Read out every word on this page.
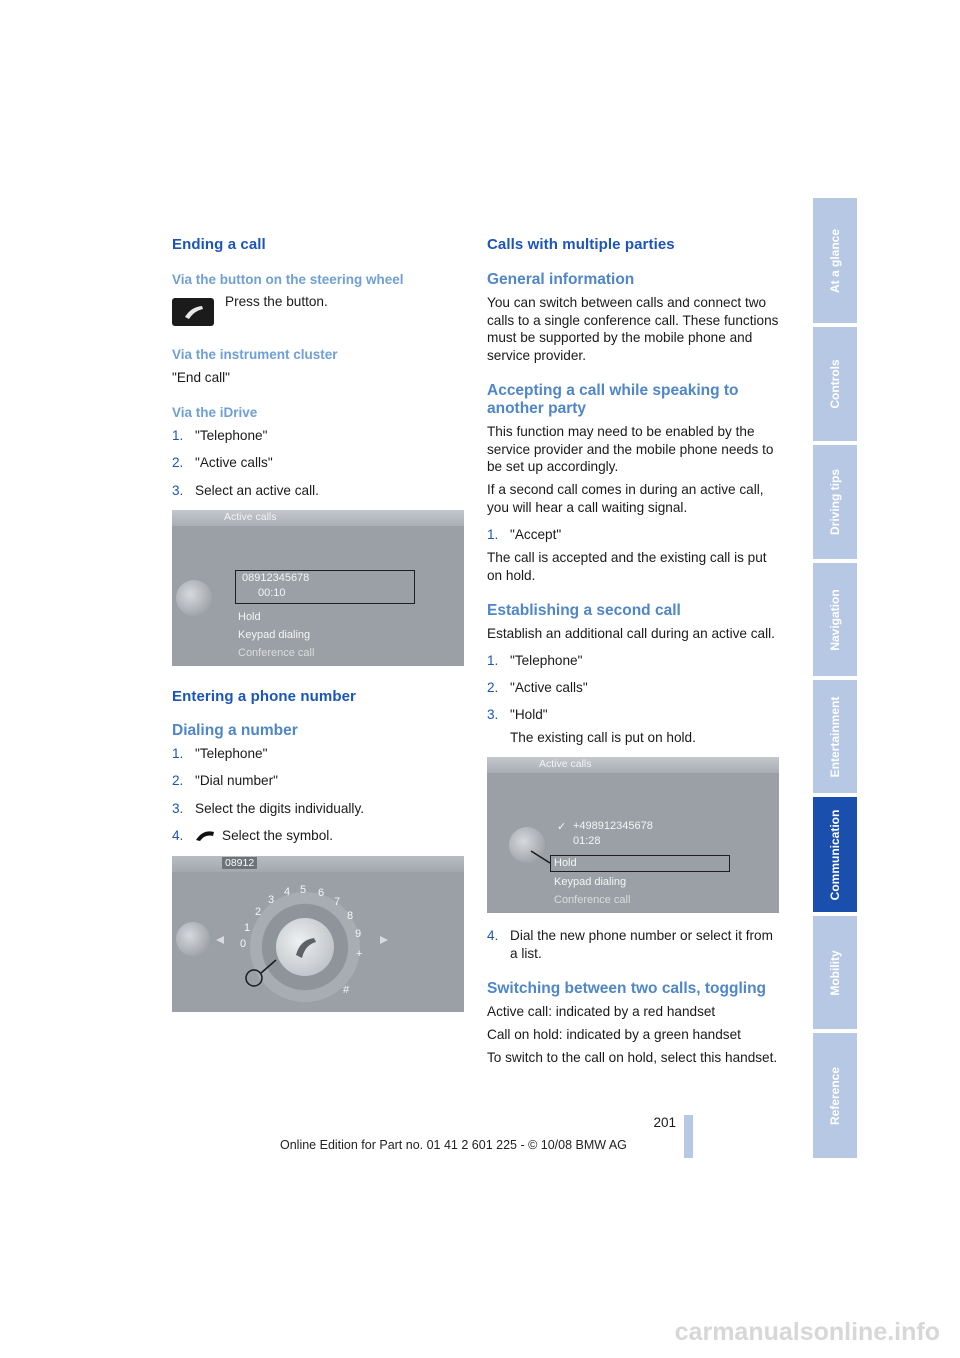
Ending a call
Via the button on the steering wheel

Press the button.

Via the instrument cluster

"End call"

Via the iDrive
1. "Telephone"
2. "Active calls"
3. Select an active call.
Active calls
08912345678
00:10
Hold
Keypad dialing
Conference call
Entering a phone number
Dialing a number
1. "Telephone"
2. "Dial number"
3. Select the digits individually.
4.	Select the symbol.
08912
0
1
2
3
4 5 6
7
8
9
+
#
Calls with multiple parties
General information

You can switch between calls and connect two calls to a single conference call. These functions must be supported by the mobile phone and service provider.

Accepting a call while speaking to another party

This function may need to be enabled by the service provider and the mobile phone needs to be set up accordingly.

If a second call comes in during an active call, you will hear a call waiting signal.

1. "Accept"

The call is accepted and the existing call is put on hold.

Establishing a second call

Establish an additional call during an active call.

1. "Telephone"
2. "Active calls"
3. "Hold"

The existing call is put on hold.

Active calls
✓ +498912345678
01:28
Hold
Keypad dialing
Conference call
4. Dial the new phone number or select it from a list.
Switching between two calls, toggling

Active call: indicated by a red handset

Call on hold: indicated by a green handset

To switch to the call on hold, select this handset.

At a glance
Controls
Driving tips
Navigation
Entertainment
Communication
Mobility
Reference
201
Online Edition for Part no. 01 41 2 601 225 - © 10/08 BMW AG
carmanualsonline.info
